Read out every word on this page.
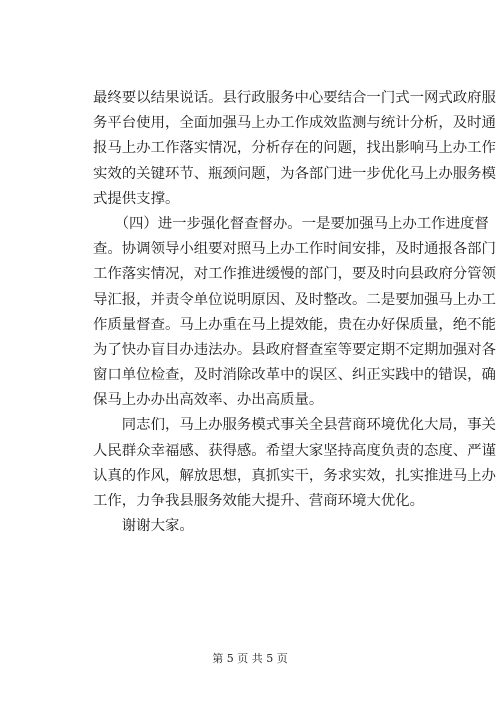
最终要以结果说话。县行政服务中心要结合一门式一网式政府服
务平台使用，全面加强马上办工作成效监测与统计分析，及时通
报马上办工作落实情况，分析存在的问题，找出影响马上办工作
实效的关键环节、瓶颈问题，为各部门进一步优化马上办服务模
式提供支撑。
　　（四）进一步强化督查督办。一是要加强马上办工作进度督
查。协调领导小组要对照马上办工作时间安排，及时通报各部门
工作落实情况，对工作推进缓慢的部门，要及时向县政府分管领
导汇报，并责令单位说明原因、及时整改。二是要加强马上办工
作质量督查。马上办重在马上提效能，贵在办好保质量，绝不能
为了快办盲目办违法办。县政府督查室等要定期不定期加强对各
窗口单位检查，及时消除改革中的误区、纠正实践中的错误，确
保马上办办出高效率、办出高质量。
　　同志们，马上办服务模式事关全县营商环境优化大局，事关
人民群众幸福感、获得感。希望大家坚持高度负责的态度、严谨
认真的作风，解放思想，真抓实干，务求实效，扎实推进马上办
工作，力争我县服务效能大提升、营商环境大优化。
　　谢谢大家。
第 5 页 共 5 页
